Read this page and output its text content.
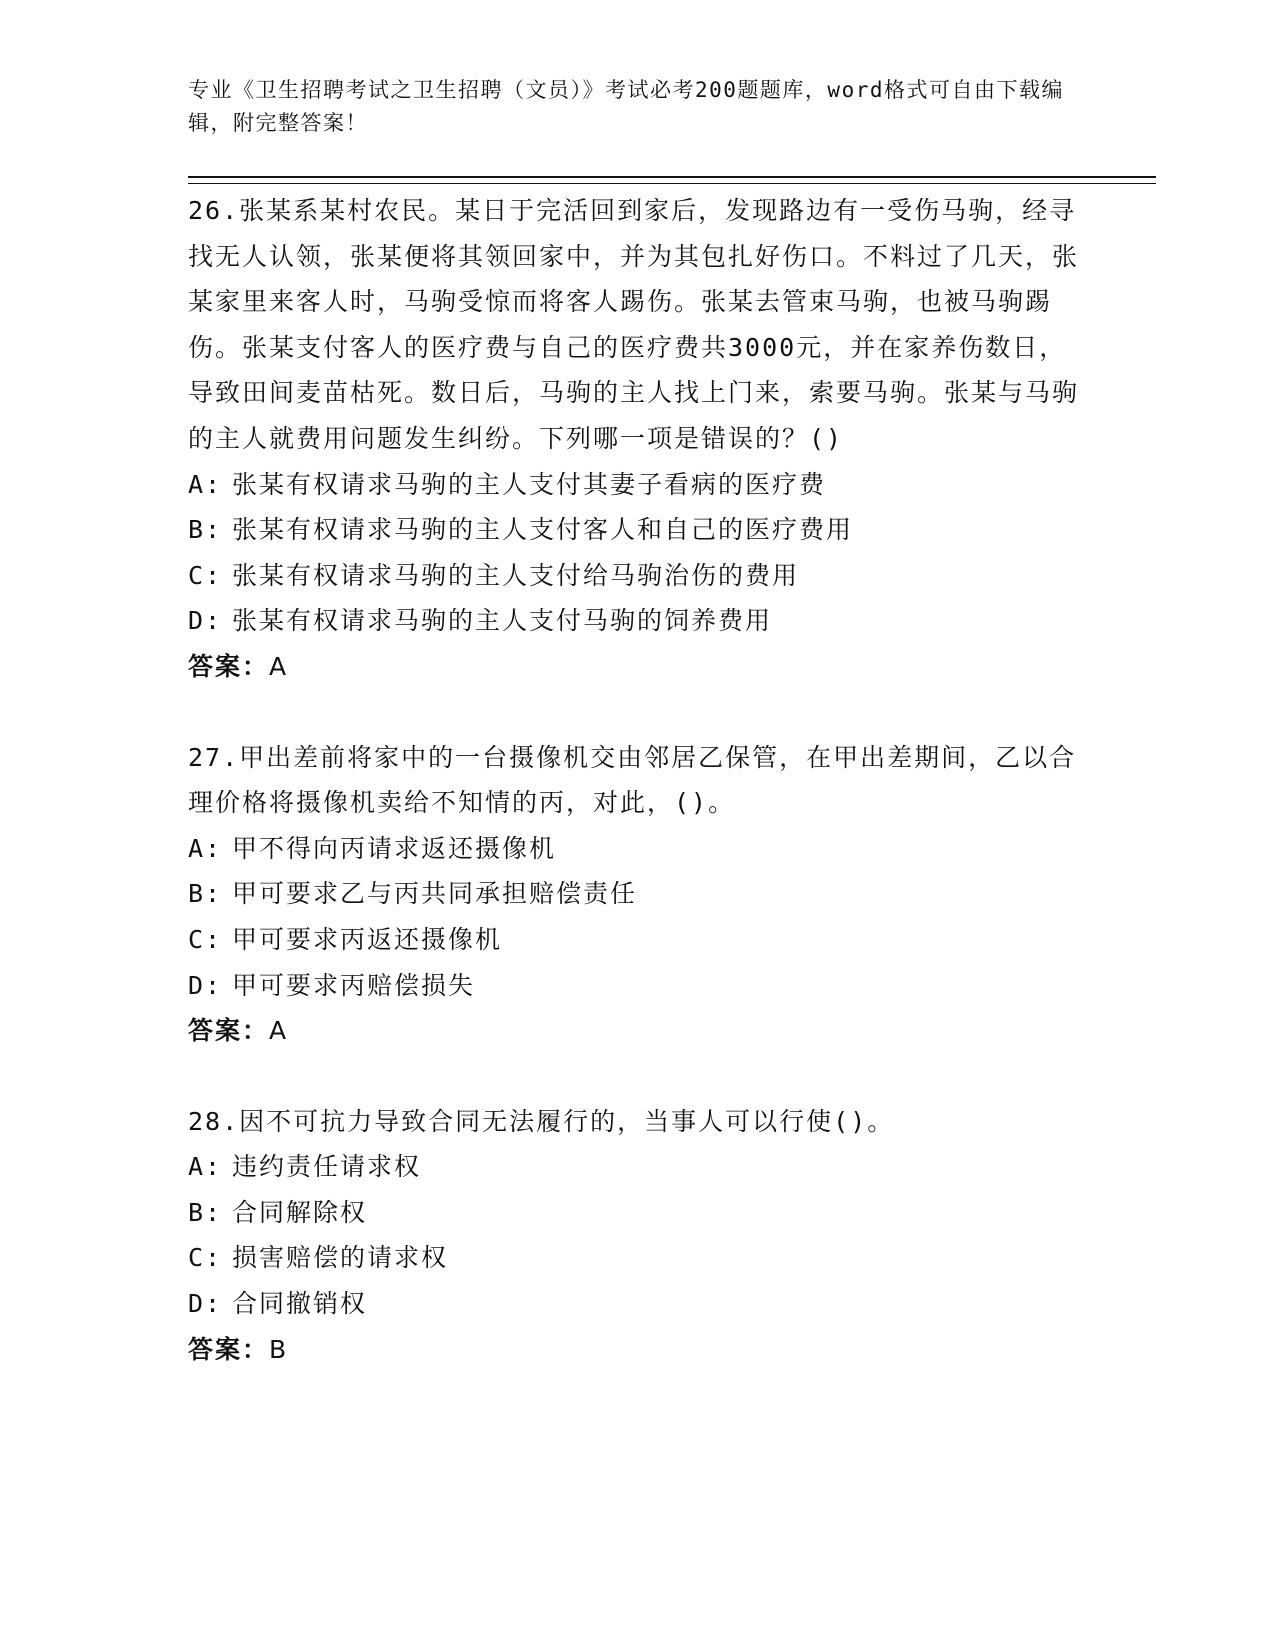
专业《卫生招聘考试之卫生招聘（文员）》考试必考200题题库，word格式可自由下载编辑，附完整答案！
26.张某系某村农民。某日于完活回到家后，发现路边有一受伤马驹，经寻找无人认领，张某便将其领回家中，并为其包扎好伤口。不料过了几天，张某家里来客人时，马驹受惊而将客人踢伤。张某去管束马驹，也被马驹踢伤。张某支付客人的医疗费与自己的医疗费共3000元，并在家养伤数日，导致田间麦苗枯死。数日后，马驹的主人找上门来，索要马驹。张某与马驹的主人就费用问题发生纠纷。下列哪一项是错误的？()
A: 张某有权请求马驹的主人支付其妻子看病的医疗费
B: 张某有权请求马驹的主人支付客人和自己的医疗费用
C: 张某有权请求马驹的主人支付给马驹治伤的费用
D: 张某有权请求马驹的主人支付马驹的饲养费用
答案：A
27.甲出差前将家中的一台摄像机交由邻居乙保管，在甲出差期间，乙以合理价格将摄像机卖给不知情的丙，对此，()。
A: 甲不得向丙请求返还摄像机
B: 甲可要求乙与丙共同承担赔偿责任
C: 甲可要求丙返还摄像机
D: 甲可要求丙赔偿损失
答案：A
28.因不可抗力导致合同无法履行的，当事人可以行使()。
A: 违约责任请求权
B: 合同解除权
C: 损害赔偿的请求权
D: 合同撤销权
答案：B
